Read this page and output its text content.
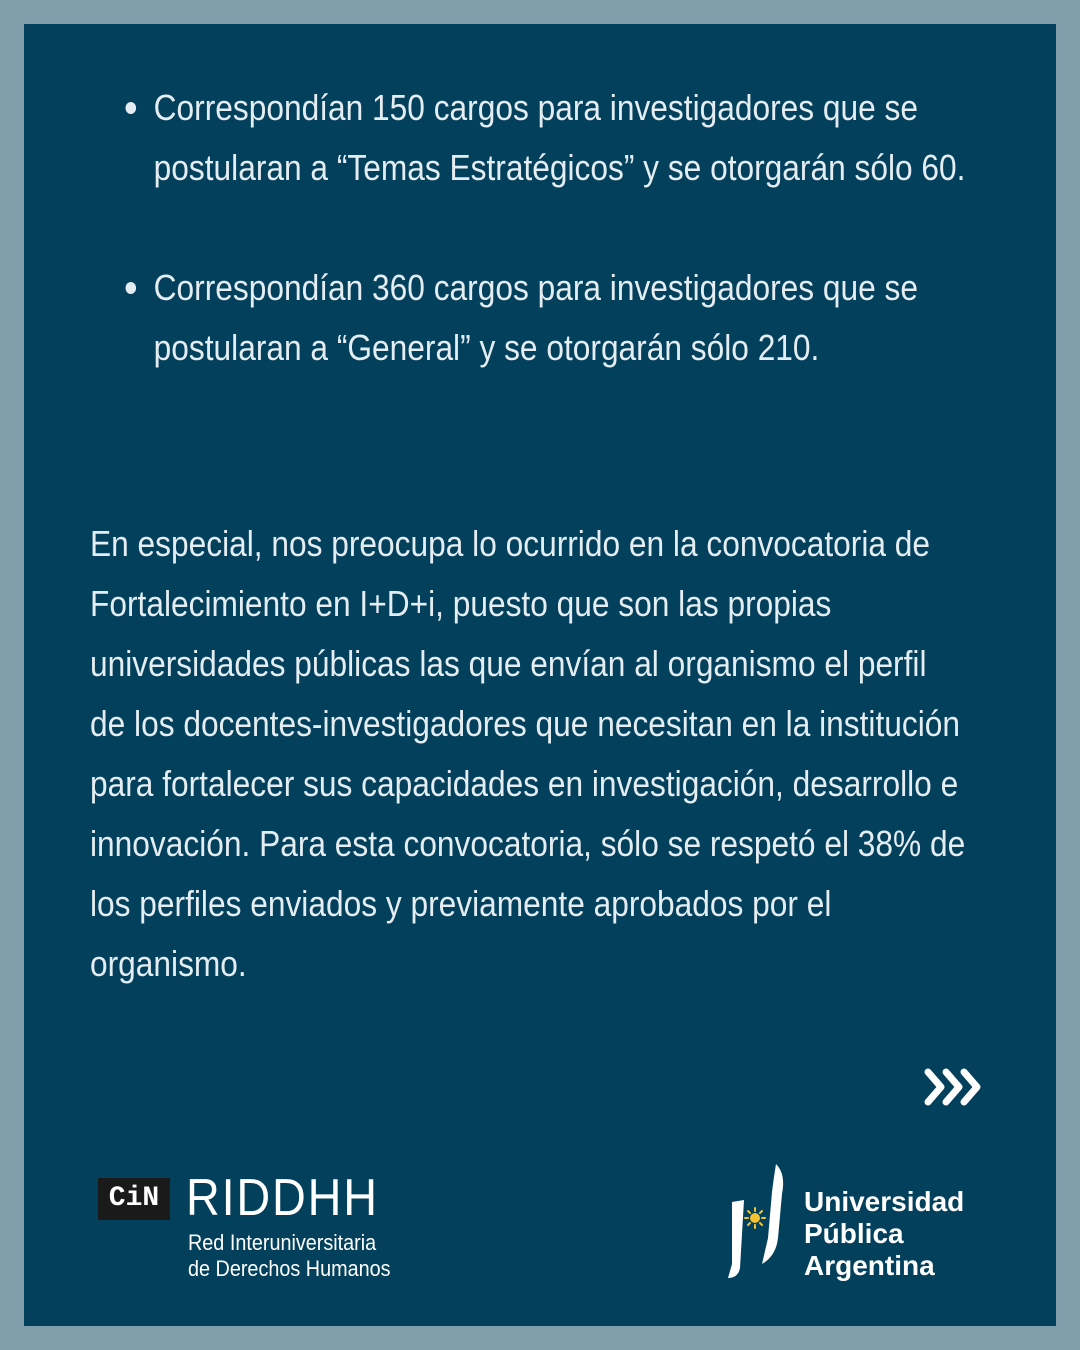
Correspondían 150 cargos para investigadores que se postularan a “Temas Estratégicos” y se otorgarán sólo 60.
Correspondían 360 cargos para investigadores que se postularan a “General” y se otorgarán sólo 210.

En especial, nos preocupa lo ocurrido en la convocatoria de Fortalecimiento en I+D+i, puesto que son las propias universidades públicas las que envían al organismo el perfil de los docentes-investigadores que necesitan en la institución para fortalecer sus capacidades en investigación, desarrollo e innovación. Para esta convocatoria, sólo se respetó el 38% de los perfiles enviados y previamente aprobados por el organismo.

CiN RIDDHH
Red Interuniversitaria
de Derechos Humanos
Universidad
Pública
Argentina
